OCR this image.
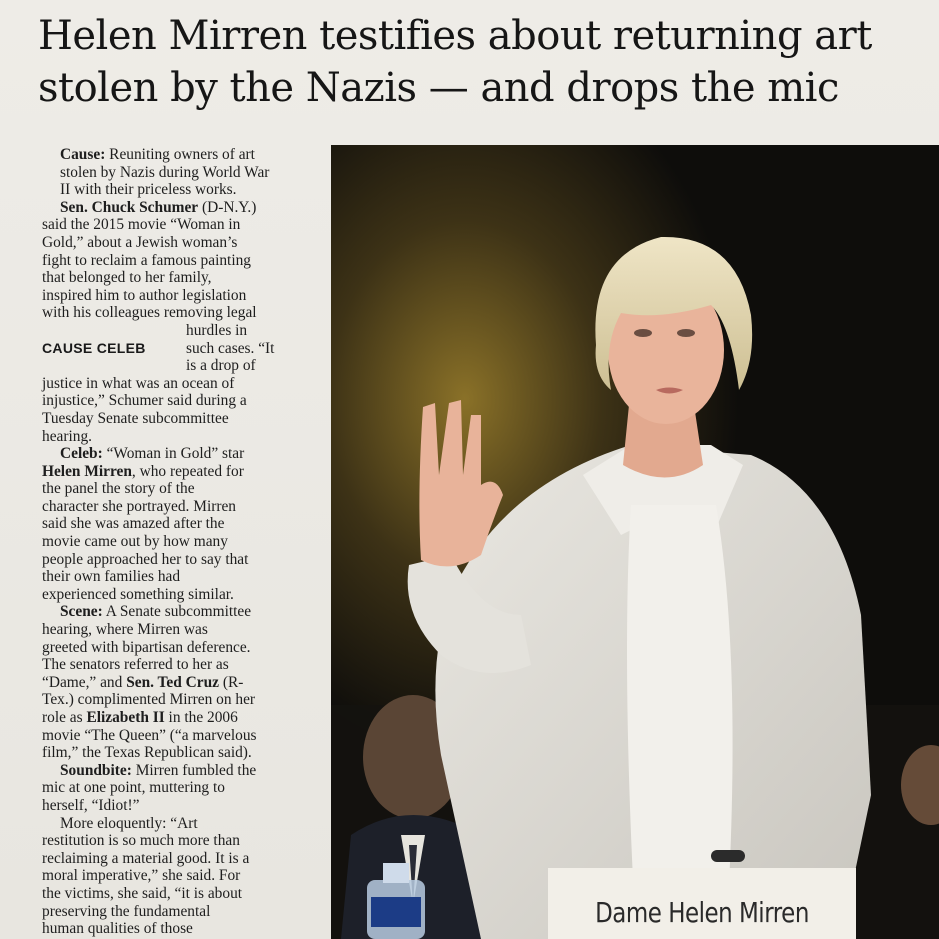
Helen Mirren testifies about returning art
stolen by the Nazis — and drops the mic

Cause: Reuniting owners of art
stolen by Nazis during World War
II with their priceless works.

Sen. Chuck Schumer (D-N.Y.)
said the 2015 movie “Woman in
Gold,” about a Jewish woman’s
fight to reclaim a famous painting
that belonged to her family,
inspired him to author legislation
with his colleagues removing legal
CAUSE CELEB
hurdles in
such cases. “It
is a drop of
justice in what was an ocean of
injustice,” Schumer said during a
Tuesday Senate subcommittee
hearing.

Celeb: “Woman in Gold” star
Helen Mirren, who repeated for
the panel the story of the
character she portrayed. Mirren
said she was amazed after the
movie came out by how many
people approached her to say that
their own families had
experienced something similar.

Scene: A Senate subcommittee
hearing, where Mirren was
greeted with bipartisan deference.
The senators referred to her as
“Dame,” and Sen. Ted Cruz (R-
Tex.) complimented Mirren on her
role as Elizabeth II in the 2006
movie “The Queen” (“a marvelous
film,” the Texas Republican said).

Soundbite: Mirren fumbled the
mic at one point, muttering to
herself, “Idiot!”

More eloquently: “Art
restitution is so much more than
reclaiming a material good. It is a
moral imperative,” she said. For
the victims, she said, “it is about
preserving the fundamental
human qualities of those	Dame Helen Mirren
